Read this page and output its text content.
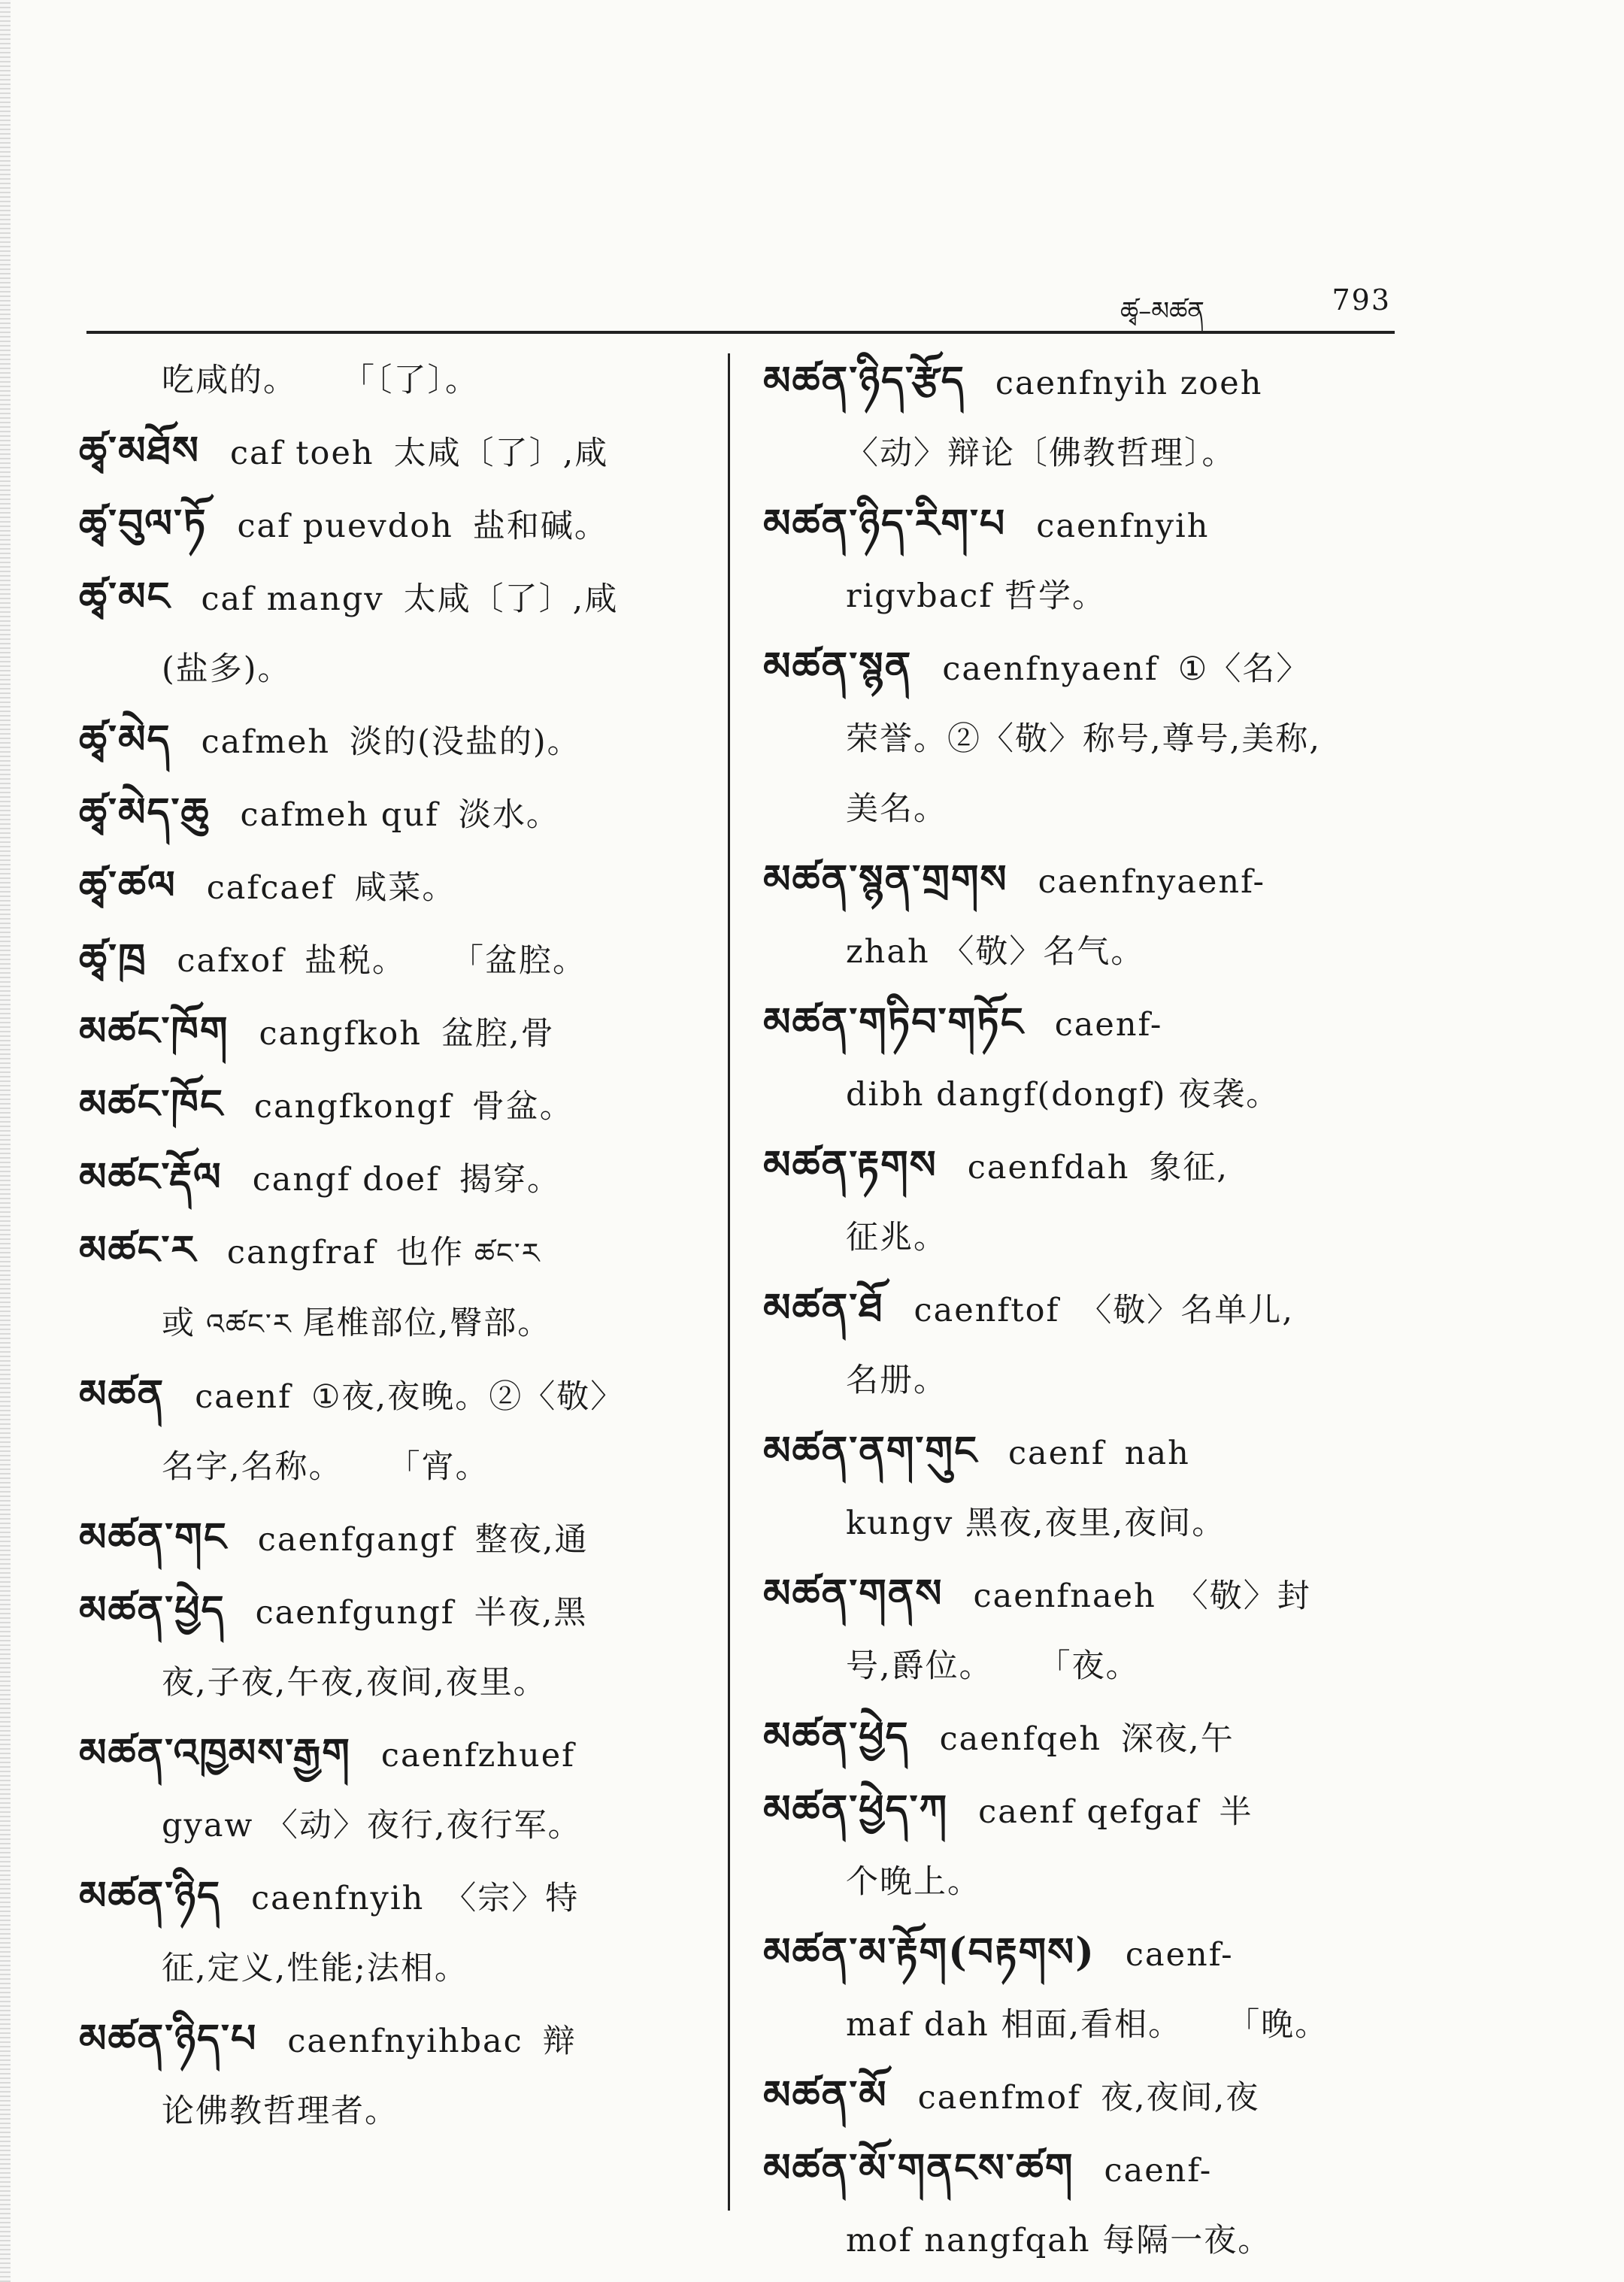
ཚྭ–མཚན	793
吃咸的。 「〔了〕。
ཚྭ་མཐོས caf toeh 太咸〔了〕,咸
ཚྭ་བུལ་ཏོ caf puevdoh 盐和碱。
ཚྭ་མང caf mangv 太咸〔了〕,咸
(盐多)。
ཚྭ་མེད cafmeh 淡的(没盐的)。
ཚྭ་མེད་ཆུ cafmeh quf 淡水。
ཚྭ་ཚལ cafcaef 咸菜。
ཚྭ་ཁྲ cafxof 盐税。 「盆腔。
མཚང་ཁོག cangfkoh 盆腔,骨
མཚང་ཁོང cangfkongf 骨盆。
མཚང་རྡོལ cangf doef 揭穿。
མཚང་ར cangfraf 也作 ཚང་ར
或 འཚང་ར 尾椎部位,臀部。
མཚན caenf ①夜,夜晚。②〈敬〉
名字,名称。 「宵。
མཚན་གང caenfgangf 整夜,通
མཚན་ཕྱེད caenfgungf 半夜,黑
夜,子夜,午夜,夜间,夜里。
མཚན་འཁྱམས་རྒྱག caenfzhuef
gyaw 〈动〉夜行,夜行军。
མཚན་ཉིད caenfnyih 〈宗〉特
征,定义,性能;法相。
མཚན་ཉིད་པ caenfnyihbac 辩
论佛教哲理者。
མཚན་ཉིད་རྩོད caenfnyih zoeh
〈动〉辩论〔佛教哲理〕。
མཚན་ཉིད་རིག་པ caenfnyih
rigvbacf 哲学。
མཚན་སྙན caenfnyaenf ①〈名〉
荣誉。②〈敬〉称号,尊号,美称,
美名。
མཚན་སྙན་གྲགས caenfnyaenf-
zhah 〈敬〉名气。
མཚན་གཏིབ་གཏོང caenf-
dibh dangf(dongf) 夜袭。
མཚན་རྟགས caenfdah 象征,
征兆。
མཚན་ཐོ caenftof 〈敬〉名单儿,
名册。
མཚན་ནག་གུང caenf nah
kungv 黑夜,夜里,夜间。
མཚན་གནས caenfnaeh 〈敬〉封
号,爵位。 「夜。
མཚན་ཕྱེད caenfqeh 深夜,午
མཚན་ཕྱེད་ཀ caenf qefgaf 半
个晚上。
མཚན་མ་རྟོག(བརྟགས) caenf-
maf dah 相面,看相。 「晚。
མཚན་མོ caenfmof 夜,夜间,夜
མཚན་མོ་གནངས་ཚག caenf-
mof nangfqah 每隔一夜。
